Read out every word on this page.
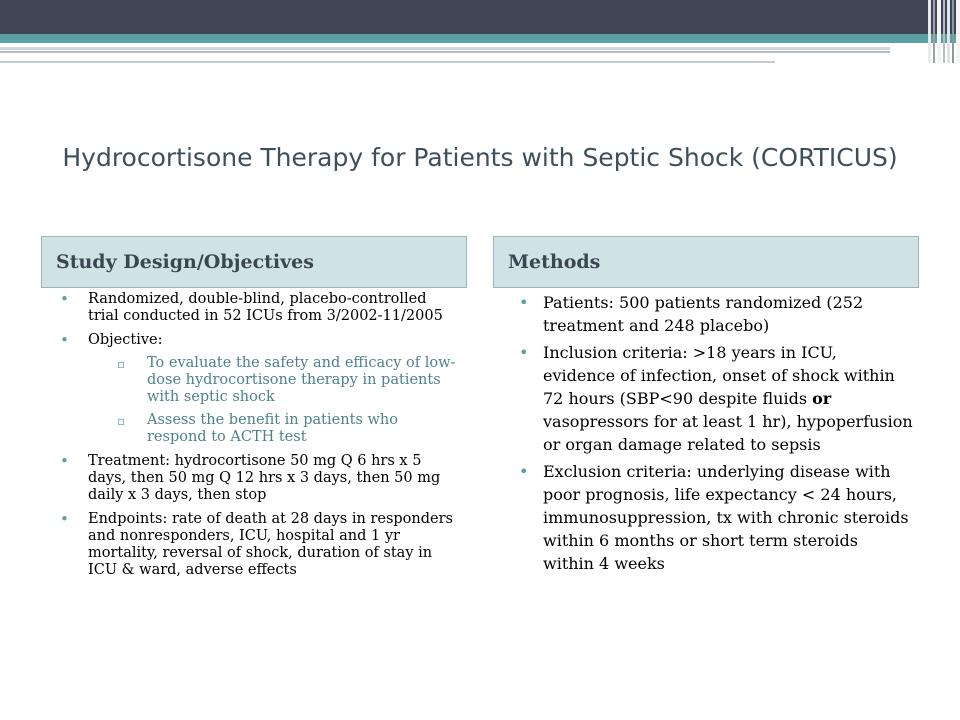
Hydrocortisone Therapy for Patients with Septic Shock (CORTICUS)
Study Design/Objectives	Methods
• Randomized, double-blind, placebo-controlled trial conducted in 52 ICUs from 3/2002-11/2005
• Objective:
▫ To evaluate the safety and efficacy of low-dose hydrocortisone therapy in patients with septic shock
▫ Assess the benefit in patients who respond to ACTH test
• Treatment: hydrocortisone 50 mg Q 6 hrs x 5 days, then 50 mg Q 12 hrs x 3 days, then 50 mg daily x 3 days, then stop
• Endpoints: rate of death at 28 days in responders and nonresponders, ICU, hospital and 1 yr mortality, reversal of shock, duration of stay in ICU & ward, adverse effects
• Patients: 500 patients randomized (252 treatment and 248 placebo)
• Inclusion criteria: >18 years in ICU, evidence of infection, onset of shock within 72 hours (SBP<90 despite fluids or vasopressors for at least 1 hr), hypoperfusion or organ damage related to sepsis
• Exclusion criteria: underlying disease with poor prognosis, life expectancy < 24 hours, immunosuppression, tx with chronic steroids within 6 months or short term steroids within 4 weeks
